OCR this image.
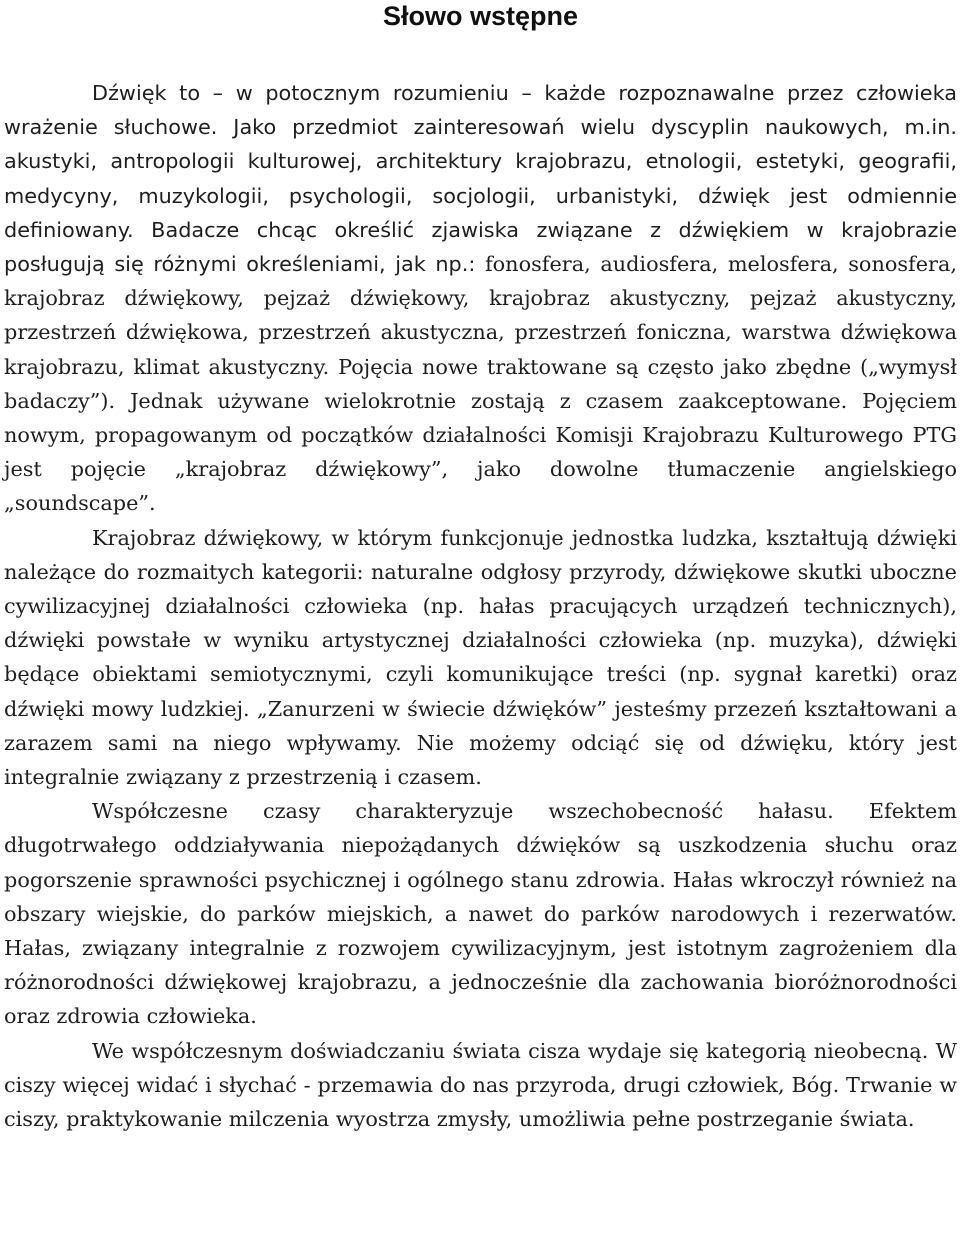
Słowo wstępne

Dźwięk to – w potocznym rozumieniu – każde rozpoznawalne przez człowieka wrażenie słuchowe. Jako przedmiot zainteresowań wielu dyscyplin naukowych, m.in. akustyki, antropologii kulturowej, architektury krajobrazu, etnologii, estetyki, geografii, medycyny, muzykologii, psychologii, socjologii, urbanistyki, dźwięk jest odmiennie definiowany. Badacze chcąc określić zjawiska związane z dźwiękiem w krajobrazie posługują się różnymi określeniami, jak np.: fonosfera, audiosfera, melosfera, sonosfera, krajobraz dźwiękowy, pejzaż dźwiękowy, krajobraz akustyczny, pejzaż akustyczny, przestrzeń dźwiękowa, przestrzeń akustyczna, przestrzeń foniczna, warstwa dźwiękowa krajobrazu, klimat akustyczny. Pojęcia nowe traktowane są często jako zbędne („wymysł badaczy”). Jednak używane wielokrotnie zostają z czasem zaakceptowane. Pojęciem nowym, propagowanym od początków działalności Komisji Krajobrazu Kulturowego PTG jest pojęcie „krajobraz dźwiękowy”, jako dowolne tłumaczenie angielskiego „soundscape”.

Krajobraz dźwiękowy, w którym funkcjonuje jednostka ludzka, kształtują dźwięki należące do rozmaitych kategorii: naturalne odgłosy przyrody, dźwiękowe skutki uboczne cywilizacyjnej działalności człowieka (np. hałas pracujących urządzeń technicznych), dźwięki powstałe w wyniku artystycznej działalności człowieka (np. muzyka), dźwięki będące obiektami semiotycznymi, czyli komunikujące treści (np. sygnał karetki) oraz dźwięki mowy ludzkiej. „Zanurzeni w świecie dźwięków” jesteśmy przezeń kształtowani a zarazem sami na niego wpływamy. Nie możemy odciąć się od dźwięku, który jest integralnie związany z przestrzenią i czasem.

Współczesne czasy charakteryzuje wszechobecność hałasu. Efektem długotrwałego oddziaływania niepożądanych dźwięków są uszkodzenia słuchu oraz pogorszenie sprawności psychicznej i ogólnego stanu zdrowia. Hałas wkroczył również na obszary wiejskie, do parków miejskich, a nawet do parków narodowych i rezerwatów. Hałas, związany integralnie z rozwojem cywilizacyjnym, jest istotnym zagrożeniem dla różnorodności dźwiękowej krajobrazu, a jednocześnie dla zachowania bioróżnorodności oraz zdrowia człowieka.

We współczesnym doświadczaniu świata cisza wydaje się kategorią nieobecną. W ciszy więcej widać i słychać - przemawia do nas przyroda, drugi człowiek, Bóg. Trwanie w ciszy, praktykowanie milczenia wyostrza zmysły, umożliwia pełne postrzeganie świata.
